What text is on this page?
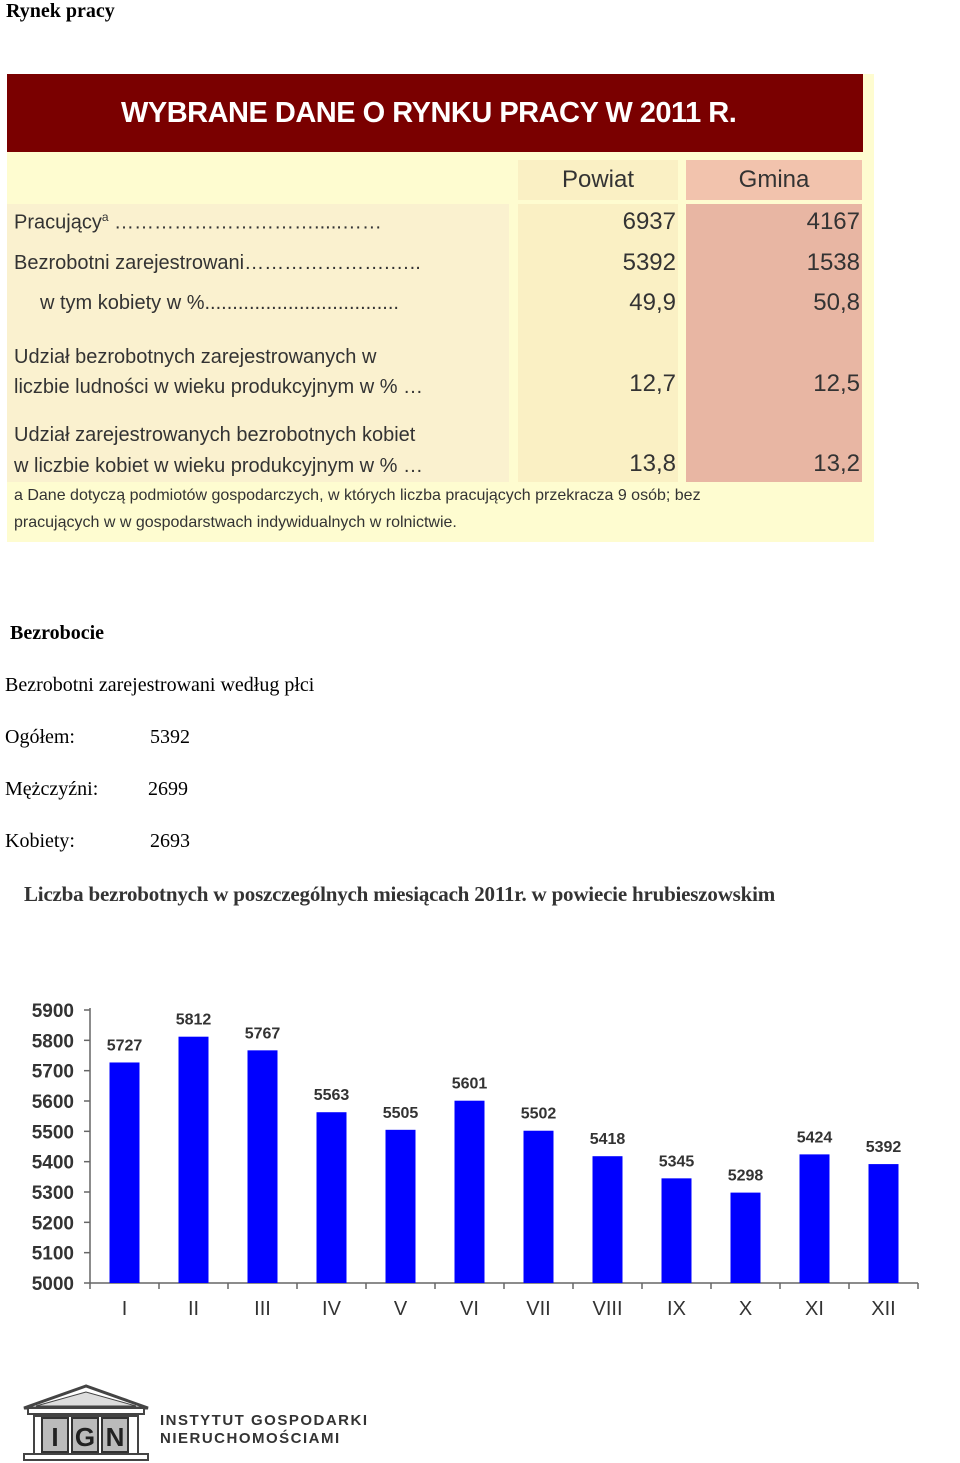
Rynek pracy
WYBRANE DANE O RYNKU PRACY W 2011 R.
Powiat	Gmina
Pracujący$^a$ ………………………….....……	6937	4167
Bezrobotni zarejestrowani………………….…..	5392	1538
w tym kobiety w %...................................	49,9	50,8
Udział bezrobotnych zarejestrowanych w
liczbie ludności w wieku produkcyjnym w % …	12,7	12,5
Udział zarejestrowanych bezrobotnych kobiet
w liczbie kobiet w wieku produkcyjnym w % …	13,8	13,2
a Dane dotyczą podmiotów gospodarczych, w których liczba pracujących przekracza 9 osób; bez
pracujących w w gospodarstwach indywidualnych w rolnictwie.
Bezrobocie
Bezrobotni zarejestrowani według płci
Ogółem:	5392
Mężczyźni: 2699
Kobiety:	2693
Liczba bezrobotnych w poszczególnych miesiącach 2011r. w powiecie hrubieszowskim
5000
5100
5200
5300
5400
5500
5600
5700
5800
5900
5727
I
5812
II
5767
III
5563
IV
5505
V
5601
VI
5502
VII
5418
VIII
5345
IX
5298
X
5424
XI
5392
XII
I G N
INSTYTUT GOSPODARKI
NIERUCHOMOŚCIAMI
